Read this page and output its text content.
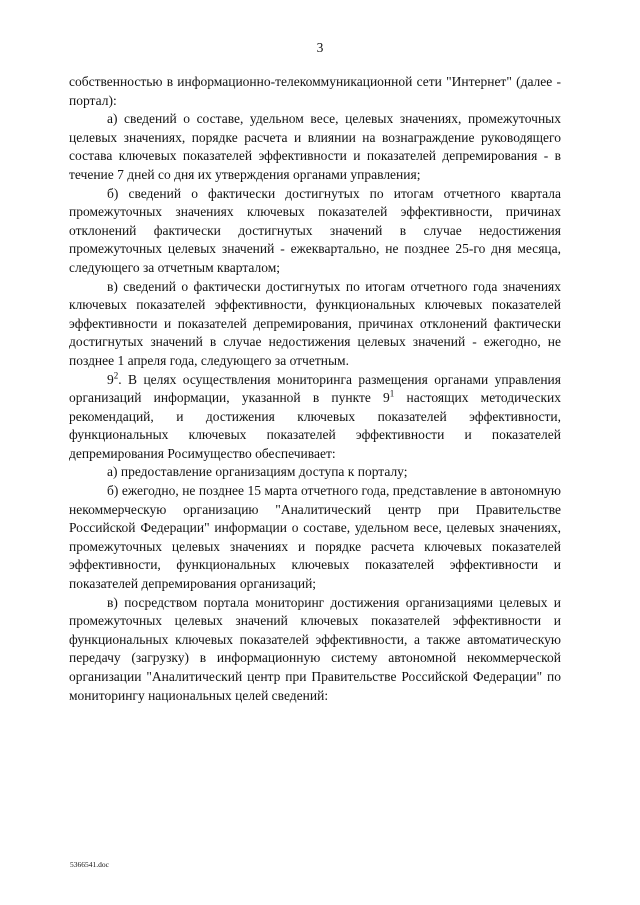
3

собственностью в информационно-телекоммуникационной сети "Интернет" (далее - портал):

а) сведений о составе, удельном весе, целевых значениях, промежуточных целевых значениях, порядке расчета и влиянии на вознаграждение руководящего состава ключевых показателей эффективности и показателей депремирования - в течение 7 дней со дня их утверждения органами управления;

б) сведений о фактически достигнутых по итогам отчетного квартала промежуточных значениях ключевых показателей эффективности, причинах отклонений фактически достигнутых значений в случае недостижения промежуточных целевых значений - ежеквартально, не позднее 25-го дня месяца, следующего за отчетным кварталом;

в) сведений о фактически достигнутых по итогам отчетного года значениях ключевых показателей эффективности, функциональных ключевых показателей эффективности и показателей депремирования, причинах отклонений фактически достигнутых значений в случае недостижения целевых значений - ежегодно, не позднее 1 апреля года, следующего за отчетным.

$9^2$. В целях осуществления мониторинга размещения органами управления организаций информации, указанной в пункте $9^1$ настоящих методических рекомендаций, и достижения ключевых показателей эффективности, функциональных ключевых показателей эффективности и показателей депремирования Росимущество обеспечивает:

а) предоставление организациям доступа к порталу;

б) ежегодно, не позднее 15 марта отчетного года, представление в автономную некоммерческую организацию "Аналитический центр при Правительстве Российской Федерации" информации о составе, удельном весе, целевых значениях, промежуточных целевых значениях и порядке расчета ключевых показателей эффективности, функциональных ключевых показателей эффективности и показателей депремирования организаций;

в) посредством портала мониторинг достижения организациями целевых и промежуточных целевых значений ключевых показателей эффективности и функциональных ключевых показателей эффективности, а также автоматическую передачу (загрузку) в информационную систему автономной некоммерческой организации "Аналитический центр при Правительстве Российской Федерации" по мониторингу национальных целей сведений:

5366541.doc
